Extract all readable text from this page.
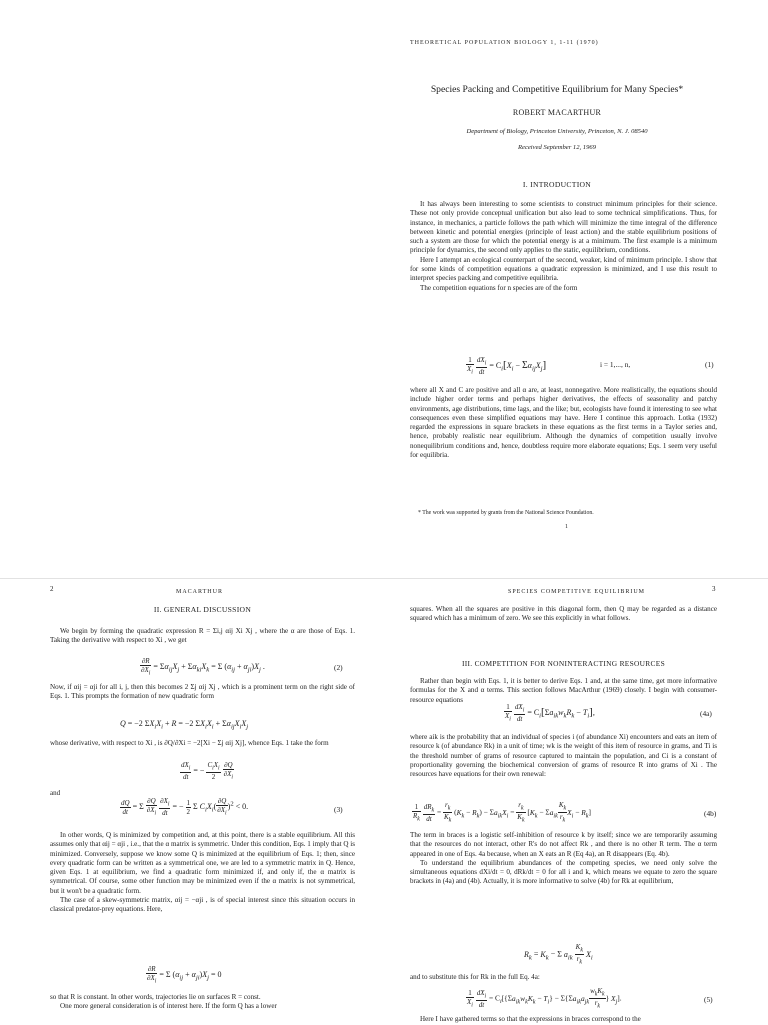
THEORETICAL POPULATION BIOLOGY 1, 1-11 (1970)
Species Packing and Competitive Equilibrium for Many Species*
ROBERT MACARTHUR
Department of Biology, Princeton University, Princeton, N. J. 08540
Received September 12, 1969
I. INTRODUCTION

It has always been interesting to some scientists to construct minimum principles for their science. These not only provide conceptual unification but also lead to some technical simplifications. Thus, for instance, in mechanics, a particle follows the path which will minimize the time integral of the difference between kinetic and potential energies (principle of least action) and the stable equilibrium positions of such a system are those for which the potential energy is at a minimum. The first example is a minimum principle for dynamics, the second only applies to the static, equilibrium, conditions.

Here I attempt an ecological counterpart of the second, weaker, kind of minimum principle. I show that for some kinds of competition equations a quadratic expression is minimized, and I use this result to interpret species packing and competitive equilibria.

The competition equations for n species are of the form

$\frac{1}{X_i}$
$\frac{dX_i}{dt} = C_i[X_i - \Sigma\alpha_{ij}X_j]$	i = 1,..., n,	(1)

where all X and C are positive and all α are, at least, nonnegative. More realistically, the equations should include higher order terms and perhaps higher derivatives, the effects of seasonality and patchy environments, age distributions, time lags, and the like; but, ecologists have found it interesting to see what consequences even these simplified equations may have. Here I continue this approach. Lotka (1932) regarded the expressions in square brackets in these equations as the first terms in a Taylor series and, hence, probably realistic near equilibrium. Although the dynamics of competition usually involve nonequilibrium conditions and, hence, doubtless require more elaborate equations; Eqs. 1 seem very useful for equilibria.

* The work was supported by grants from the National Science Foundation.
1
2	MACARTHUR
II. GENERAL DISCUSSION

We begin by forming the quadratic expression R = Σi,j αij Xi Xj , where the α are those of Eqs. 1. Taking the derivative with respect to Xi , we get

$\frac{\partial R}{\partial X_i} = \Sigma\alpha_{ij}X_j + \Sigma\alpha_{ki}X_k = \Sigma$ $(\alpha_{ij} + \alpha_{ji})X_j$ .	(2)

Now, if αij = αji for all i, j, then this becomes 2 Σj αij Xj , which is a prominent term on the right side of Eqs. 1. This prompts the formation of new quadratic form

Q = −2 $\Sigma X_iX_i + R = -2$ $\Sigma X_iX_i + \Sigma\alpha_{ij}X_iX_j$

whose derivative, with respect to Xi , is ∂Q/∂Xi = −2[Xi − Σj αij Xj], whence Eqs. 1 take the form

$\frac{dX_i}{dt}$ = − $\frac{C_iX_i}{2}$
$\frac{\partial Q}{\partial X_i}$
and
$\frac{dQ}{dt} = \Sigma \frac{\partial Q}{\partial X_i}$
$\frac{\partial X_i}{dt}$ = − $\frac{1}{2}$ Σ $C_iX_i( \frac{\partial Q}{\partial X_i} )^2 < 0$.	(3)

In other words, Q is minimized by competition and, at this point, there is a stable equilibrium. All this assumes only that αij = αji , i.e., that the α matrix is symmetric. Under this condition, Eqs. 1 imply that Q is minimized. Conversely, suppose we know some Q is minimized at the equilibrium of Eqs. 1; then, since every quadratic form can be written as a symmetrical one, we are led to a symmetric matrix in Q. Hence, given Eqs. 1 at equilibrium, we find a quadratic form minimized if, and only if, the α matrix is symmetrical. Of course, some other function may be minimized even if the α matrix is not symmetrical, but it won't be a quadratic form.

The case of a skew-symmetric matrix, αij = −αji , is of special interest since this situation occurs in classical predator-prey equations. Here,

$\frac{\partial R}{\partial X_i} = \Sigma$ $(\alpha_{ij} + \alpha_{ji})X_j = 0$

so that R is constant. In other words, trajectories lie on surfaces R = const.

One more general consideration is of interest here. If the form Q has a lower

SPECIES COMPETITIVE EQUILIBRIUM	3

squares. When all the squares are positive in this diagonal form, then Q may be regarded as a distance squared which has a minimum of zero. We see this explicitly in what follows.

III. COMPETITION FOR NONINTERACTING RESOURCES

Rather than begin with Eqs. 1, it is better to derive Eqs. 1 and, at the same time, get more informative formulas for the X and α terms. This section follows MacArthur (1969) closely. I begin with consumer-resource equations

$\frac{1}{X_i}$
$\frac{dX_i}{dt} = C_i[\Sigma a_{ik}w_kR_k - T_i]$,	(4a)

where aik is the probability that an individual of species i (of abundance Xi) encounters and eats an item of resource k (of abundance Rk) in a unit of time; wk is the weight of this item of resource in grams, and Ti is the threshold number of grams of resource captured to maintain the population, and Ci is a constant of proportionality governing the biochemical conversion of grams of resource R into grams of Xi . The resources have equations for their own renewal:

$\frac{1}{R_k}$
$\frac{dR_k}{dt} = \frac{r_k}{K_k} (K_k - R_k) - \Sigma a_{ik}X_i = \frac{r_k}{K_k} [K_k - \Sigma a_{ik} \frac{K_k}{r_k} X_i - R_k]$	(4b)

The term in braces is a logistic self-inhibition of resource k by itself; since we are temporarily assuming that the resources do not interact, other R's do not affect Rk , and there is no other R term. The α term appeared in one of Eqs. 4a because, when an X eats an R (Eq 4a), an R disappears (Eq. 4b).

To understand the equilibrium abundances of the competing species, we need only solve the simultaneous equations dXi/dt = 0, dRk/dt = 0 for all i and k, which means we equate to zero the square brackets in (4a) and (4b). Actually, it is more informative to solve (4b) for Rk at equilibrium,

$R_k = K_k - \Sigma$ $a_{ik} \frac{K_k}{r_k} X_i$

and to substitute this for Rk in the full Eq. 4a:

$\frac{1}{X_i}$
$\frac{dX_i}{dt} = C_i[\{\Sigma a_{ik}w_kK_k - T_i\} - \Sigma\{\Sigma a_{ik}a_{jk} \frac{w_kK_k}{r_k}$ } $X_j$].	(5)

Here I have gathered terms so that the expressions in braces correspond to the
